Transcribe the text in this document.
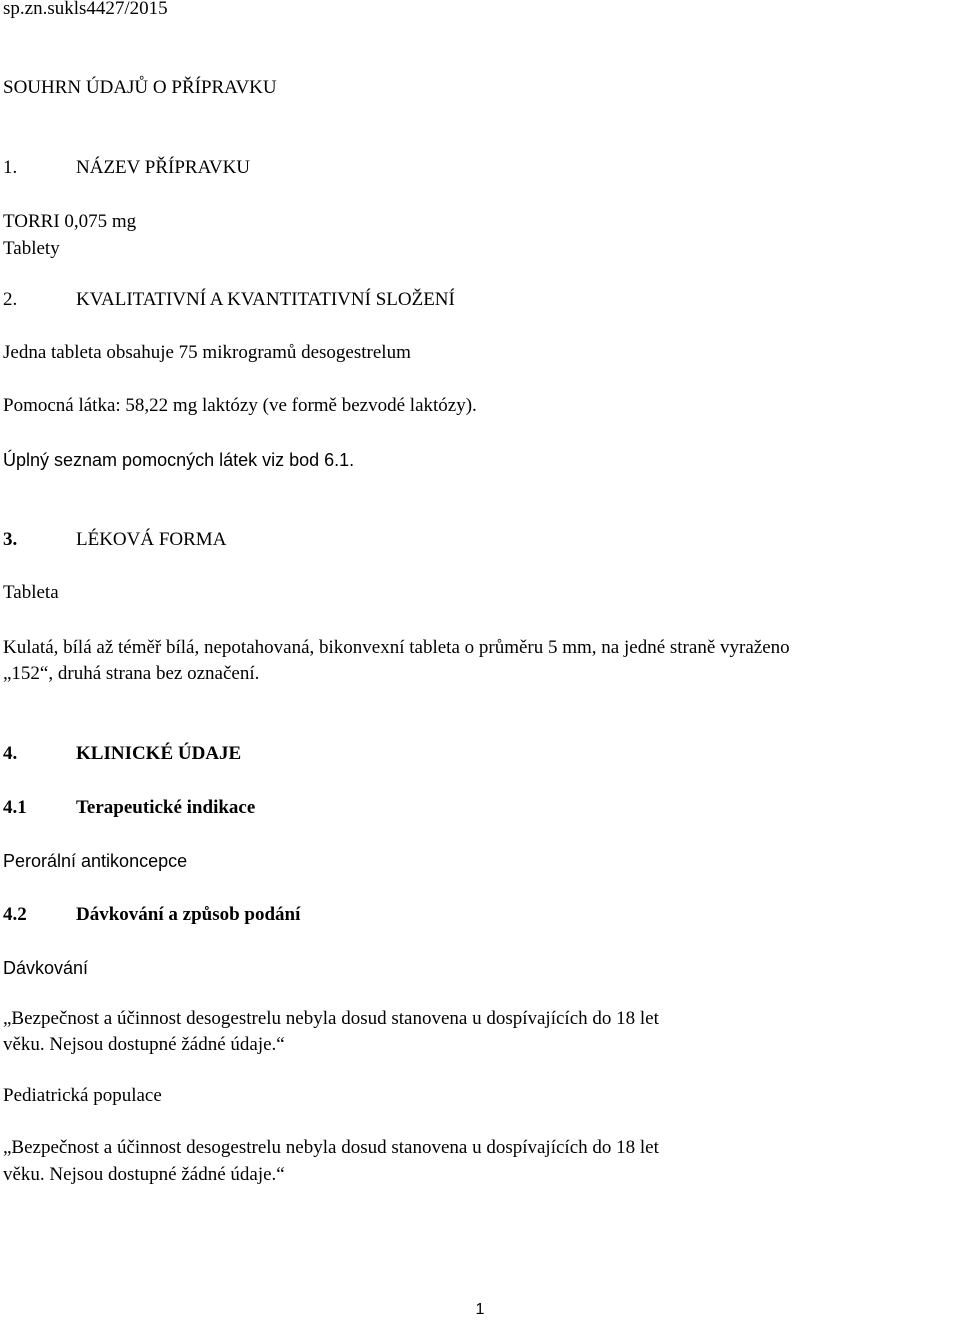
sp.zn.sukls4427/2015

SOUHRN ÚDAJŮ O PŘÍPRAVKU

1.	NÁZEV PŘÍPRAVKU

TORRI 0,075 mg

Tablety

2.	KVALITATIVNÍ A KVANTITATIVNÍ SLOŽENÍ

Jedna tableta obsahuje 75 mikrogramů desogestrelum

Pomocná látka: 58,22 mg laktózy (ve formě bezvodé laktózy).

Úplný seznam pomocných látek viz bod 6.1.

3.	LÉKOVÁ FORMA

Tableta

Kulatá, bílá až téměř bílá, nepotahovaná, bikonvexní tableta o průměru 5 mm, na jedné straně vyraženo

„152“, druhá strana bez označení.

4.	KLINICKÉ ÚDAJE

4.1	Terapeutické indikace

Perorální antikoncepce

4.2	Dávkování a způsob podání

Dávkování

„Bezpečnost a účinnost desogestrelu nebyla dosud stanovena u dospívajících do 18 let

věku. Nejsou dostupné žádné údaje.“

Pediatrická populace

„Bezpečnost a účinnost desogestrelu nebyla dosud stanovena u dospívajících do 18 let

věku. Nejsou dostupné žádné údaje.“

1
